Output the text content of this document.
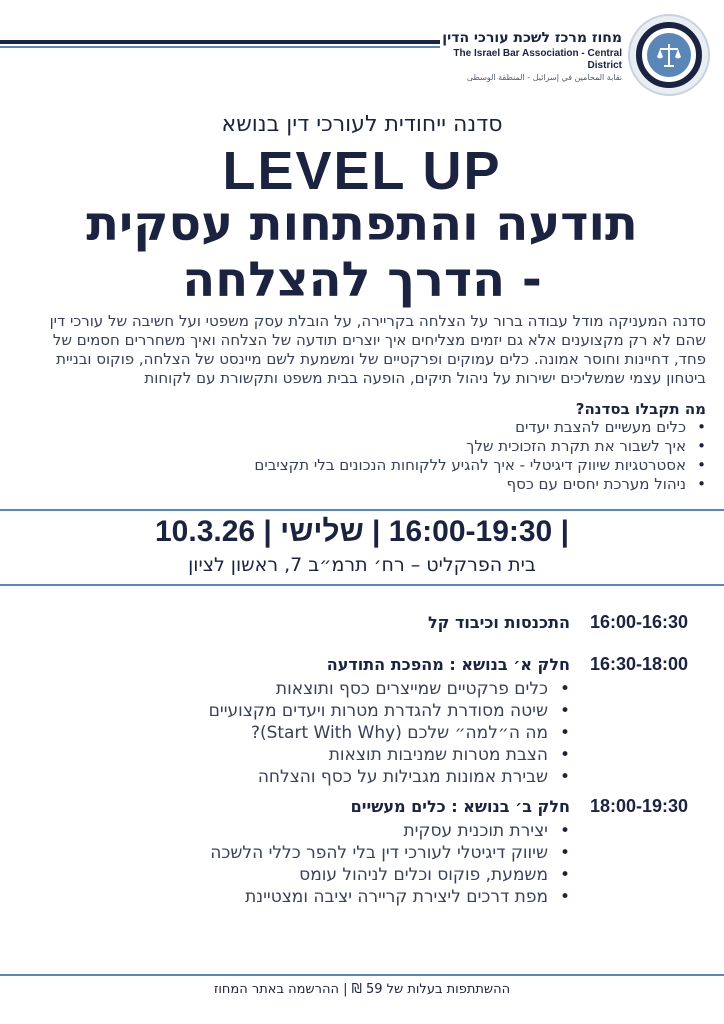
מחוז מרכז לשכת עורכי הדין
The Israel Bar Association - Central District
نقابة المحامين في إسرائيل - المنطقة الوسطى
סדנה ייחודית לעורכי דין בנושא
LEVEL UP
תודעה והתפתחות עסקית
- הדרך להצלחה

סדנה המעניקה מודל עבודה ברור על הצלחה בקריירה, על הובלת עסק משפטי ועל חשיבה של עורכי דין שהם לא רק מקצוענים אלא גם יזמים מצליחים איך יוצרים תודעה של הצלחה ואיך משחררים חסמים של פחד, דחיינות וחוסר אמונה. כלים עמוקים ופרקטיים של ומשמעת לשם מיינסט של הצלחה, פוקוס ובניית ביטחון עצמי שמשליכים ישירות על ניהול תיקים, הופעה בבית משפט ותקשורת עם לקוחות

מה תקבלו בסדנה?
• כלים מעשיים להצבת יעדים
• איך לשבור את תקרת הזכוכית שלך
• אסטרטגיות שיווק דיגיטלי - איך להגיע ללקוחות הנכונים בלי תקציבים
• ניהול מערכת יחסים עם כסף
| 16:00-19:30 | שלישי | 10.3.26
בית הפרקליט – רח׳ תרמ״ב 7, ראשון לציון
16:00-16:30
התכנסות וכיבוד קל
16:30-18:00
חלק א׳ בנושא : מהפכת התודעה
• כלים פרקטיים שמייצרים כסף ותוצאות
• שיטה מסודרת להגדרת מטרות ויעדים מקצועיים
• מה ה״למה״ שלכם (Start With Why)?
• הצבת מטרות שמניבות תוצאות
• שבירת אמונות מגבילות על כסף והצלחה
18:00-19:30
חלק ב׳ בנושא : כלים מעשיים
• יצירת תוכנית עסקית
• שיווק דיגיטלי לעורכי דין בלי להפר כללי הלשכה
• משמעת, פוקוס וכלים לניהול עומס
• מפת דרכים ליצירת קריירה יציבה ומצטיינת
ההשתתפות בעלות של 59 ₪ | ההרשמה באתר המחוז
